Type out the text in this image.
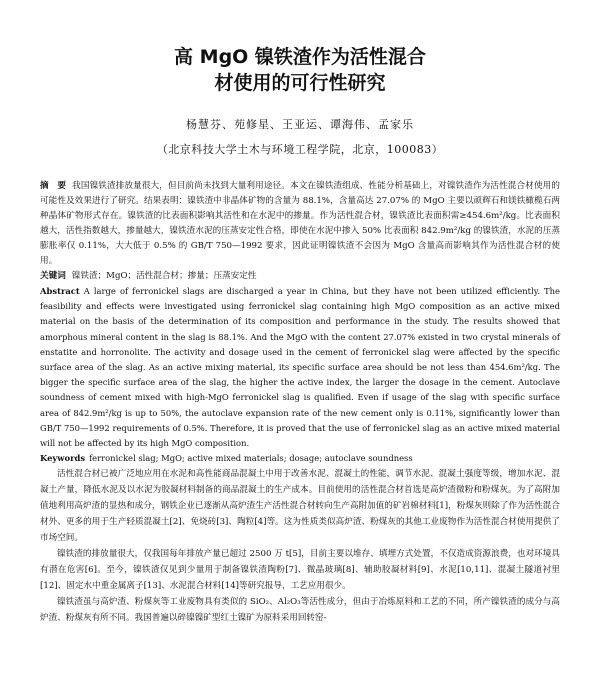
高 MgO 镍铁渣作为活性混合
材使用的可行性研究
杨慧芬、苑修星、王亚运、谭海伟、孟家乐
（北京科技大学土木与环境工程学院，北京，100083）
摘　要 我国镍铁渣排放量很大，但目前尚未找到大量利用途径。本文在镍铁渣组成、性能分析基础上，对镍铁渣作为活性混合材使用的可能性及效果进行了研究。结果表明：镍铁渣中非晶体矿物的含量为 88.1%，含量高达 27.07% 的 MgO 主要以顽辉石和镁铁橄榄石两种晶体矿物形式存在。镍铁渣的比表面积影响其活性和在水泥中的掺量。作为活性混合材，镍铁渣比表面积需≥454.6m²/kg。比表面积越大，活性指数越大，掺量越大，镍铁渣水泥的压蒸安定性合格，即使在水泥中掺入 50% 比表面积 842.9m²/kg 的镍铁渣，水泥的压蒸膨胀率仅 0.11%，大大低于 0.5% 的 GB/T 750—1992 要求，因此证明镍铁渣不会因为 MgO 含量高而影响其作为活性混合材的使用。
关键词 镍铁渣；MgO；活性混合材；掺量；压蒸安定性
Abstract A large of ferronickel slags are discharged a year in China, but they have not been utilized efficiently. The feasibility and effects were investigated using ferronickel slag containing high MgO composition as an active mixed material on the basis of the determination of its composition and performance in the study. The results showed that amorphous mineral content in the slag is 88.1%. And the MgO with the content 27.07% existed in two crystal minerals of enstatite and horronolite. The activity and dosage used in the cement of ferronickel slag were affected by the specific surface area of the slag. As an active mixing material, its specific surface area should be not less than 454.6m²/kg. The bigger the specific surface area of the slag, the higher the active index, the larger the dosage in the cement. Autoclave soundness of cement mixed with high-MgO ferronickel slag is qualified. Even if usage of the slag with specific surface area of 842.9m²/kg is up to 50%, the autoclave expansion rate of the new cement only is 0.11%, significantly lower than GB/T 750—1992 requirements of 0.5%. Therefore, it is proved that the use of ferronickel slag as an active mixed material will not be affected by its high MgO composition.
Keywords ferronickel slag; MgO; active mixed materials; dosage; autoclave soundness

活性混合材已被广泛地应用在水泥和高性能商品混凝土中用于改善水泥、混凝土的性能，调节水泥、混凝土强度等级，增加水泥、混凝土产量，降低水泥及以水泥为胶凝材料制备的商品混凝土的生产成本。目前使用的活性混合材首选是高炉渣微粉和粉煤灰。为了高附加值地利用高炉渣的显热和成分，钢铁企业已逐渐从高炉渣生产活性混合材转向生产高附加值的矿岩棉材料[1]，粉煤灰则除了作为活性混合材外、更多的用于生产轻质混凝土[2]、免烧砖[3]、陶粒[4]等。这为性质类似高炉渣、粉煤灰的其他工业废物作为活性混合材使用提供了市场空间。

镍铁渣的排放量很大，仅我国每年排放产量已超过 2500 万 t[5]，目前主要以堆存、填埋方式处置，不仅造成资源浪费，也对环境具有潜在危害[6]。至今，镍铁渣仅见到少量用于制备镍铁渣陶粉[7]、微晶玻璃[8]、辅助胶凝材料[9]、水泥[10,11]、混凝土隧道衬里[12]、固定水中重金属离子[13]、水泥混合材料[14]等研究报导，工艺应用很少。

镍铁渣虽与高炉渣、粉煤灰等工业废物具有类似的 SiO₂、Al₂O₃等活性成分，但由于冶炼原料和工艺的不同，所产镍铁渣的成分与高炉渣、粉煤灰有所不同。我国普遍以碎镍镍矿型红土镍矿为原料采用回转窑-
